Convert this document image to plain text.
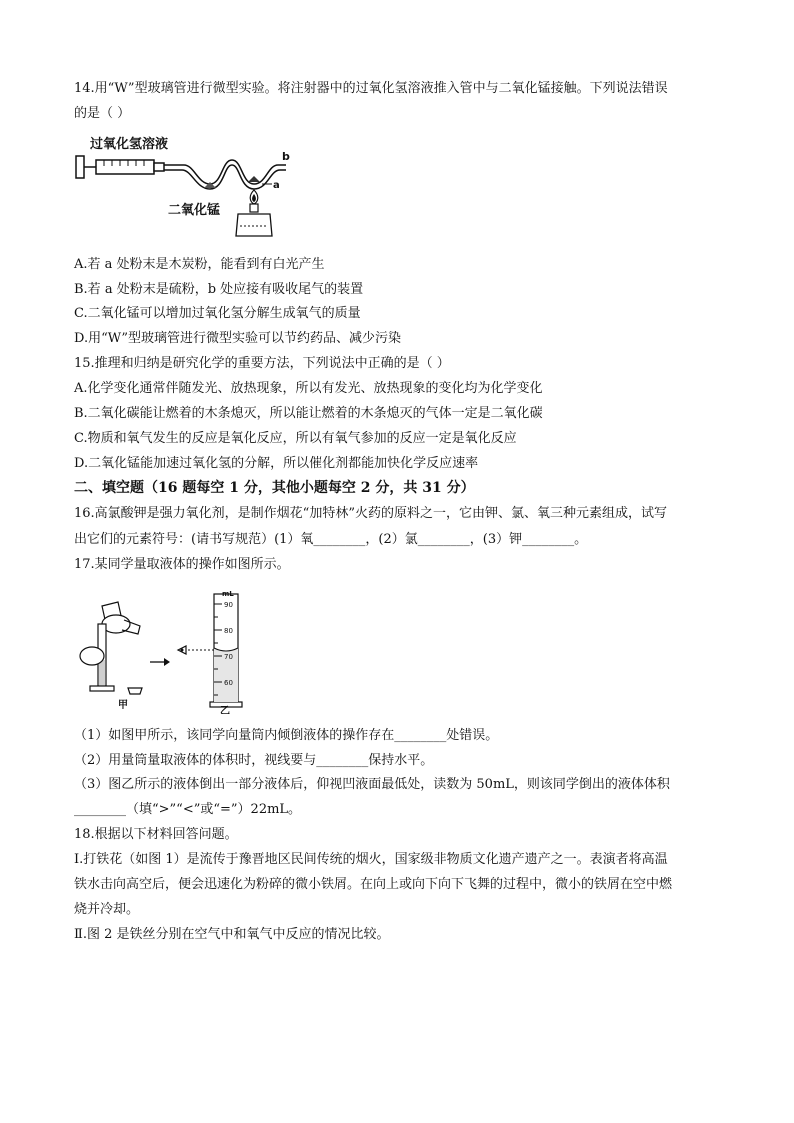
14.用“W”型玻璃管进行微型实验。将注射器中的过氧化氢溶液推入管中与二氧化锰接触。下列说法错误
的是（ ）
过氧化氢溶液
b
a
二氧化锰
A.若 a 处粉末是木炭粉，能看到有白光产生
B.若 a 处粉末是硫粉，b 处应接有吸收尾气的装置
C.二氧化锰可以增加过氧化氢分解生成氧气的质量
D.用“W”型玻璃管进行微型实验可以节约药品、减少污染
15.推理和归纳是研究化学的重要方法，下列说法中正确的是（ ）
A.化学变化通常伴随发光、放热现象，所以有发光、放热现象的变化均为化学变化
B.二氧化碳能让燃着的木条熄灭，所以能让燃着的木条熄灭的气体一定是二氧化碳
C.物质和氧气发生的反应是氧化反应，所以有氧气参加的反应一定是氧化反应
D.二氧化锰能加速过氧化氢的分解，所以催化剂都能加快化学反应速率
二、填空题（16 题每空 1 分，其他小题每空 2 分，共 31 分）
16.高氯酸钾是强力氧化剂，是制作烟花“加特林”火药的原料之一，它由钾、氯、氧三种元素组成，试写
出它们的元素符号：(请书写规范）(1）氧________，(2）氯________，(3）钾________。
17.某同学量取液体的操作如图所示。
甲
mL
90
80
70
60
乙
（1）如图甲所示，该同学向量筒内倾倒液体的操作存在________处错误。
（2）用量筒量取液体的体积时，视线要与________保持水平。
（3）图乙所示的液体倒出一部分液体后，仰视凹液面最低处，读数为 50mL，则该同学倒出的液体体积
________（填“>”“<”或“=”）22mL。
18.根据以下材料回答问题。
Ⅰ.打铁花（如图 1）是流传于豫晋地区民间传统的烟火，国家级非物质文化遗产遗产之一。表演者将高温
铁水击向高空后，便会迅速化为粉碎的微小铁屑。在向上或向下向下飞舞的过程中，微小的铁屑在空中燃
烧并冷却。
Ⅱ.图 2 是铁丝分别在空气中和氧气中反应的情况比较。
